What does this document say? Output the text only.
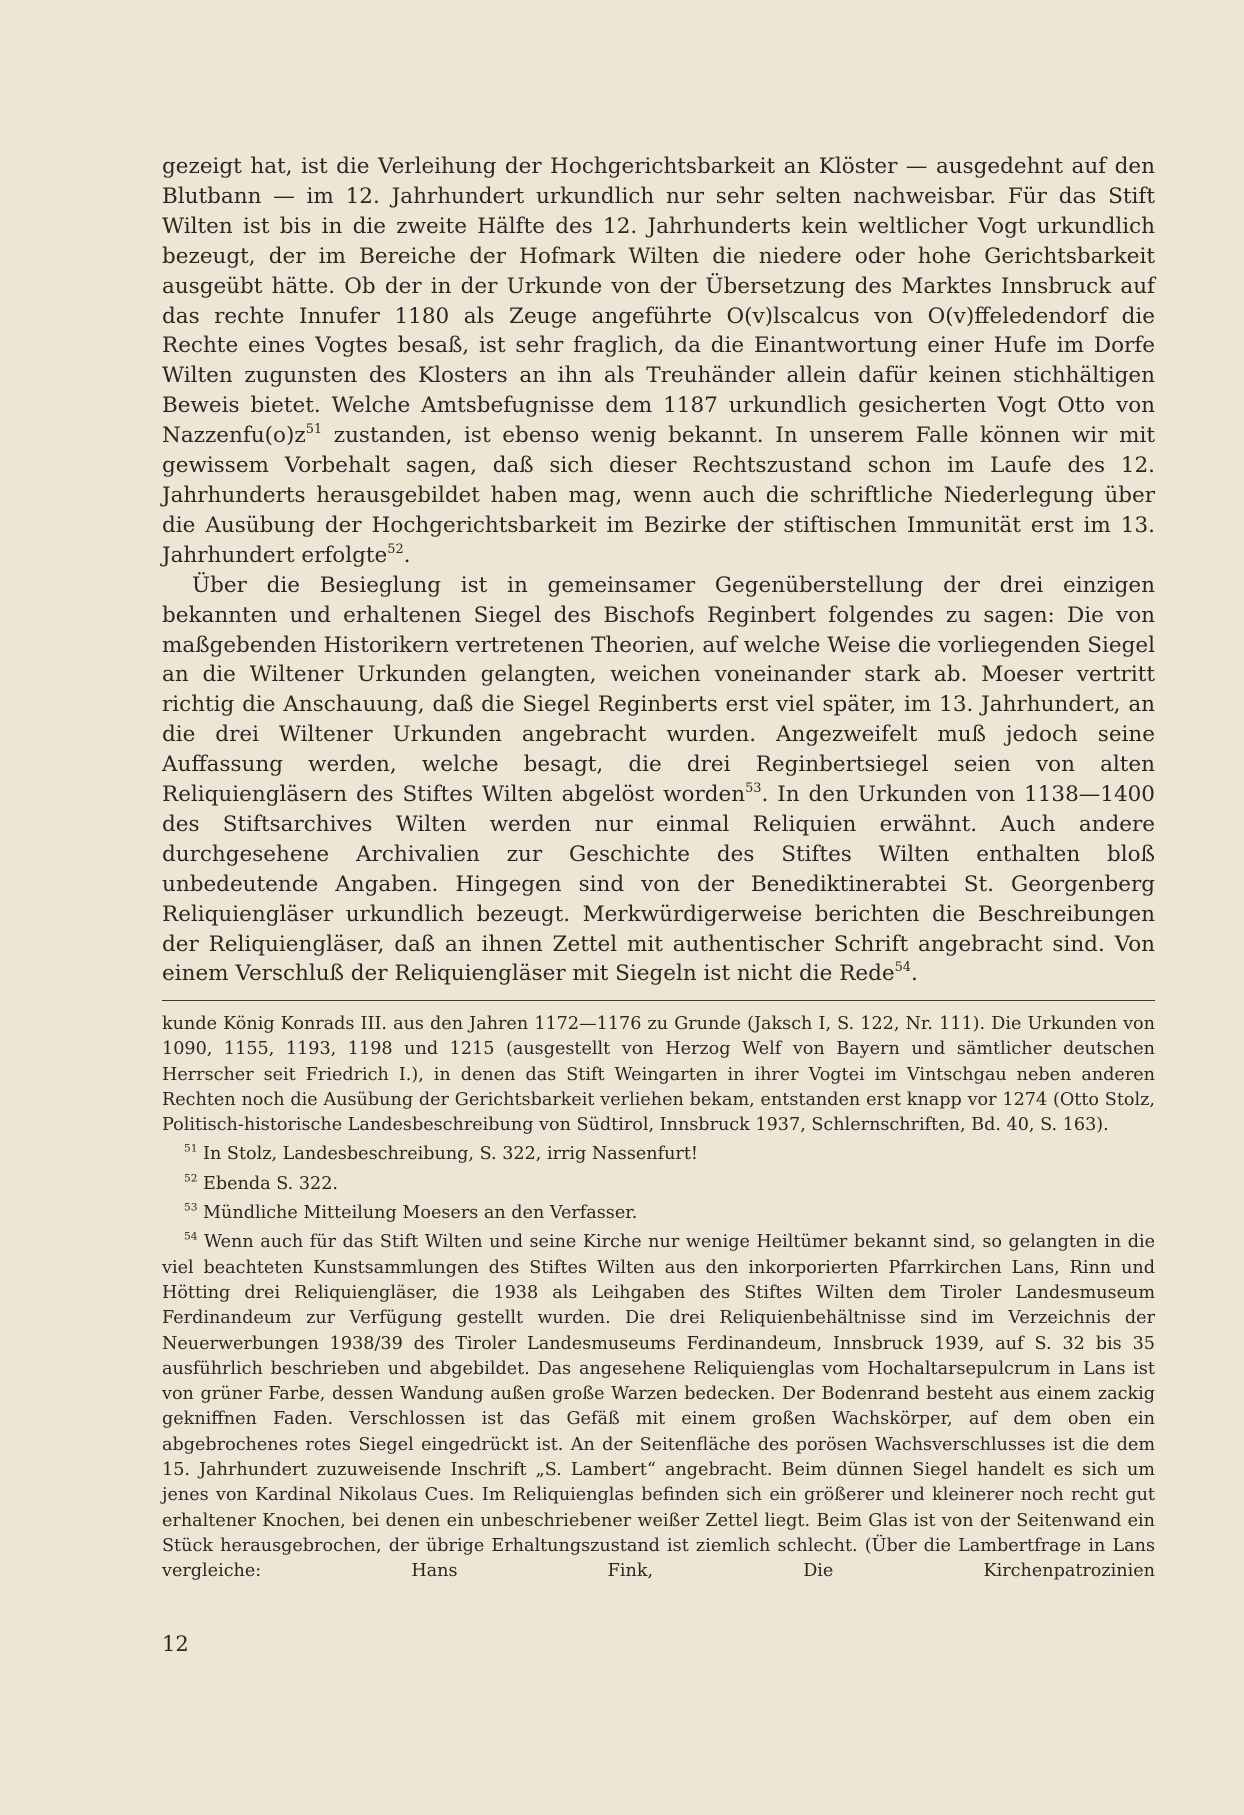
gezeigt hat, ist die Verleihung der Hochgerichtsbarkeit an Klöster — ausgedehnt auf den Blutbann — im 12. Jahrhundert urkundlich nur sehr selten nachweisbar. Für das Stift Wilten ist bis in die zweite Hälfte des 12. Jahrhunderts kein weltlicher Vogt urkundlich bezeugt, der im Bereiche der Hofmark Wilten die niedere oder hohe Gerichtsbarkeit ausgeübt hätte. Ob der in der Urkunde von der Übersetzung des Marktes Innsbruck auf das rechte Innufer 1180 als Zeuge angeführte O(v)lscalcus von O(v)ffeledendorf die Rechte eines Vogtes besaß, ist sehr fraglich, da die Einantwortung einer Hufe im Dorfe Wilten zugunsten des Klosters an ihn als Treuhänder allein dafür keinen stichhältigen Beweis bietet. Welche Amtsbefugnisse dem 1187 urkundlich gesicherten Vogt Otto von $Nazzenfu(o)z^{51}$ zustanden, ist ebenso wenig bekannt. In unserem Falle können wir mit gewissem Vorbehalt sagen, daß sich dieser Rechtszustand schon im Laufe des 12. Jahrhunderts herausgebildet haben mag, wenn auch die schriftliche Niederlegung über die Ausübung der Hochgerichtsbarkeit im Bezirke der stiftischen Immunität erst im 13. Jahrhundert erfolgte$^{52}$.

Über die Besieglung ist in gemeinsamer Gegenüberstellung der drei einzigen bekannten und erhaltenen Siegel des Bischofs Reginbert folgendes zu sagen: Die von maßgebenden Historikern vertretenen Theorien, auf welche Weise die vorliegenden Siegel an die Wiltener Urkunden gelangten, weichen voneinander stark ab. Moeser vertritt richtig die Anschauung, daß die Siegel Reginberts erst viel später, im 13. Jahrhundert, an die drei Wiltener Urkunden angebracht wurden. Angezweifelt muß jedoch seine Auffassung werden, welche besagt, die drei Reginbertsiegel seien von alten Reliquiengläsern des Stiftes Wilten abgelöst worden$^{53}$. In den Urkunden von 1138—1400 des Stiftsarchives Wilten werden nur einmal Reliquien erwähnt. Auch andere durchgesehene Archivalien zur Geschichte des Stiftes Wilten enthalten bloß unbedeutende Angaben. Hingegen sind von der Benediktinerabtei St. Georgenberg Reliquiengläser urkundlich bezeugt. Merkwürdigerweise berichten die Beschreibungen der Reliquiengläser, daß an ihnen Zettel mit authentischer Schrift angebracht sind. Von einem Verschluß der Reliquiengläser mit Siegeln ist nicht die Rede$^{54}$.

kunde König Konrads III. aus den Jahren 1172—1176 zu Grunde (Jaksch I, S. 122, Nr. 111). Die Urkunden von 1090, 1155, 1193, 1198 und 1215 (ausgestellt von Herzog Welf von Bayern und sämtlicher deutschen Herrscher seit Friedrich I.), in denen das Stift Weingarten in ihrer Vogtei im Vintschgau neben anderen Rechten noch die Ausübung der Gerichtsbarkeit verliehen bekam, entstanden erst knapp vor 1274 (Otto Stolz, Politisch-historische Landesbeschreibung von Südtirol, Innsbruck 1937, Schlernschriften, Bd. 40, S. 163).

$^{51}$ In Stolz, Landesbeschreibung, S. 322, irrig Nassenfurt!

$^{52}$ Ebenda S. 322.

$^{53}$ Mündliche Mitteilung Moesers an den Verfasser.

$^{54}$ Wenn auch für das Stift Wilten und seine Kirche nur wenige Heiltümer bekannt sind, so gelangten in die viel beachteten Kunstsammlungen des Stiftes Wilten aus den inkorporierten Pfarrkirchen Lans, Rinn und Hötting drei Reliquiengläser, die 1938 als Leihgaben des Stiftes Wilten dem Tiroler Landesmuseum Ferdinandeum zur Verfügung gestellt wurden. Die drei Reliquienbehältnisse sind im Verzeichnis der Neuerwerbungen 1938/39 des Tiroler Landesmuseums Ferdinandeum, Innsbruck 1939, auf S. 32 bis 35 ausführlich beschrieben und abgebildet. Das angesehene Reliquienglas vom Hochaltarsepulcrum in Lans ist von grüner Farbe, dessen Wandung außen große Warzen bedecken. Der Bodenrand besteht aus einem zackig gekniffnen Faden. Verschlossen ist das Gefäß mit einem großen Wachskörper, auf dem oben ein abgebrochenes rotes Siegel eingedrückt ist. An der Seitenfläche des porösen Wachsverschlusses ist die dem 15. Jahrhundert zuzuweisende Inschrift „S. Lambert“ angebracht. Beim dünnen Siegel handelt es sich um jenes von Kardinal Nikolaus Cues. Im Reliquienglas befinden sich ein größerer und kleinerer noch recht gut erhaltener Knochen, bei denen ein unbeschriebener weißer Zettel liegt. Beim Glas ist von der Seitenwand ein Stück herausgebrochen, der übrige Erhaltungszustand ist ziemlich schlecht. (Über die Lambertfrage in Lans vergleiche: Hans Fink, Die Kirchenpatrozinien

12
